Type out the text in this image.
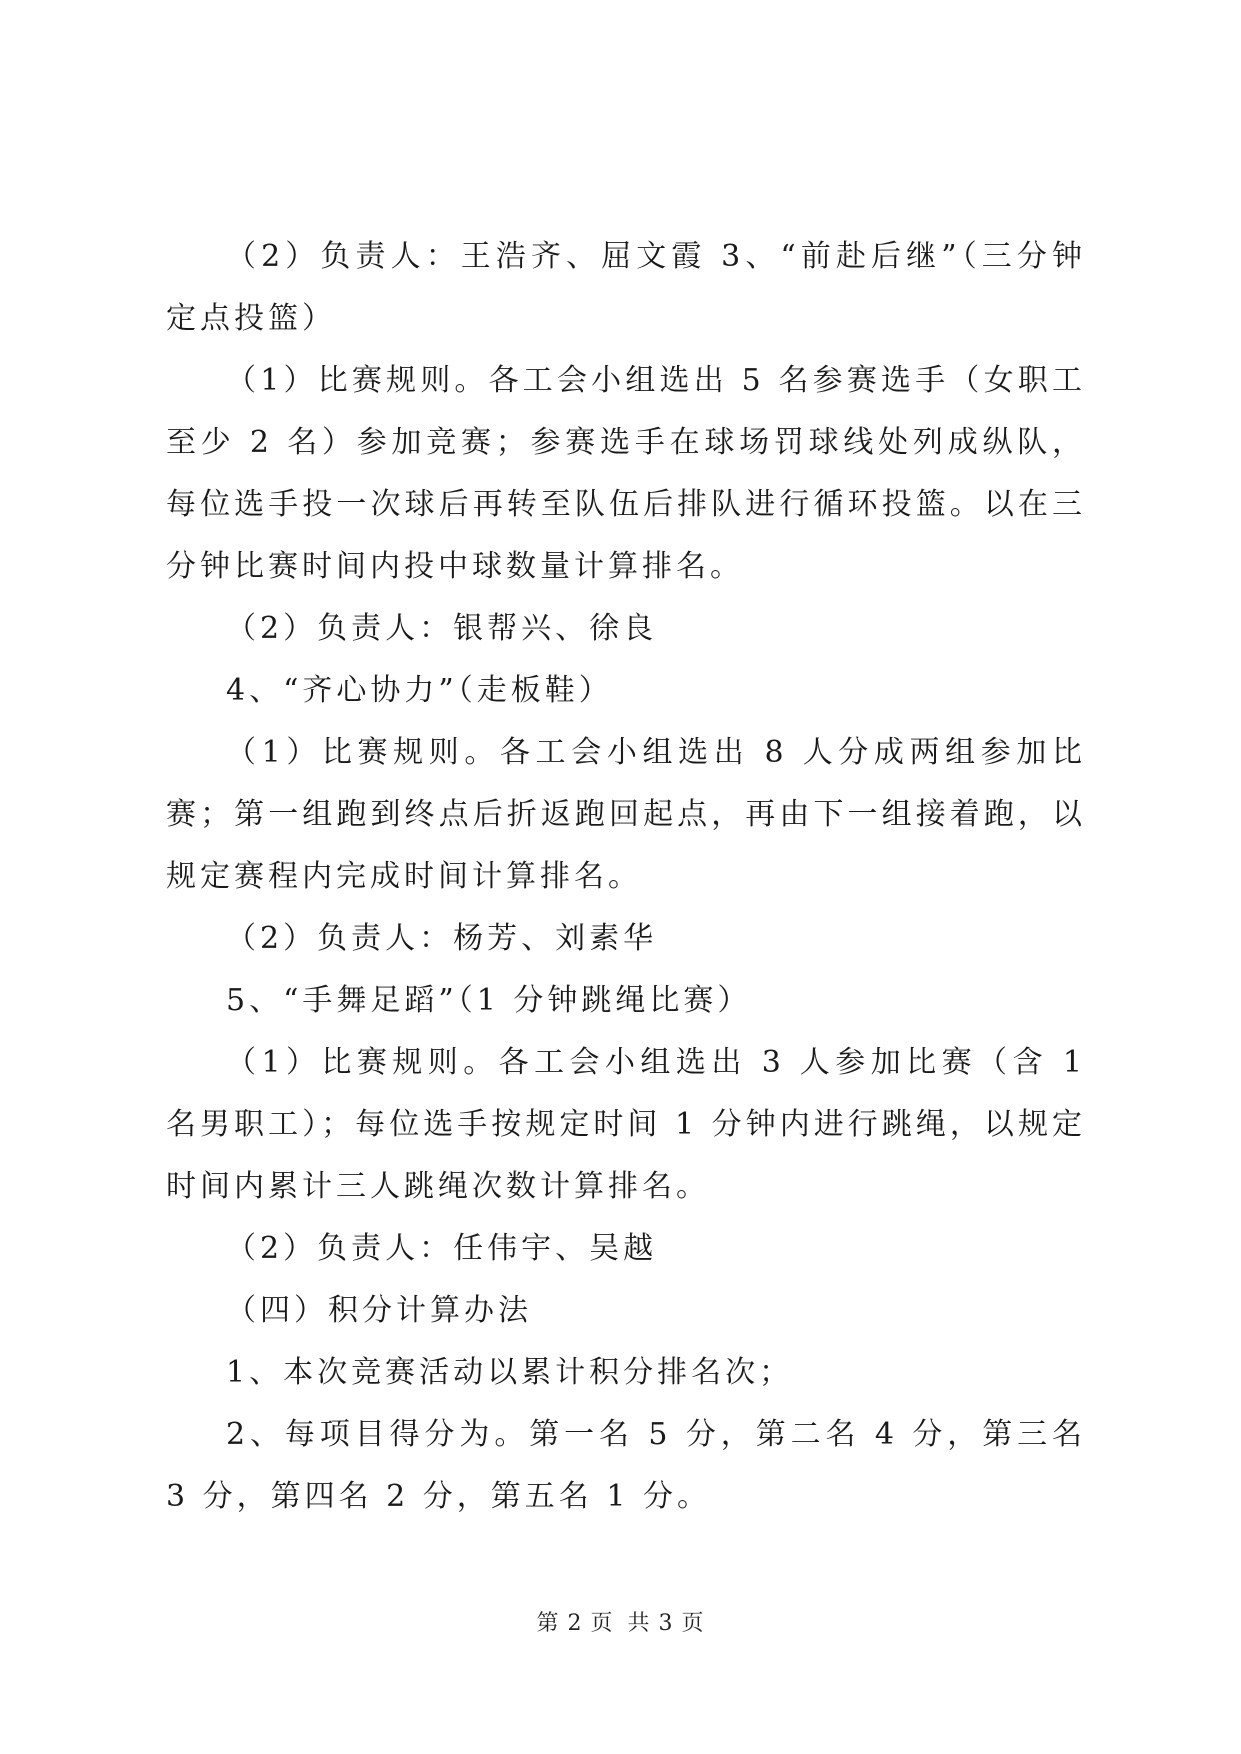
（2）负责人：王浩齐、屈文霞 3、“前赴后继”（三分钟定点投篮）

（1）比赛规则。各工会小组选出 5 名参赛选手（女职工至少 2 名）参加竞赛；参赛选手在球场罚球线处列成纵队，每位选手投一次球后再转至队伍后排队进行循环投篮。以在三分钟比赛时间内投中球数量计算排名。

（2）负责人：银帮兴、徐良

4、“齐心协力”（走板鞋）

（1）比赛规则。各工会小组选出 8 人分成两组参加比赛；第一组跑到终点后折返跑回起点，再由下一组接着跑，以规定赛程内完成时间计算排名。

（2）负责人：杨芳、刘素华

5、“手舞足蹈”（1 分钟跳绳比赛）

（1）比赛规则。各工会小组选出 3 人参加比赛（含 1 名男职工）；每位选手按规定时间 1 分钟内进行跳绳，以规定时间内累计三人跳绳次数计算排名。

（2）负责人：任伟宇、吴越

（四）积分计算办法

1、本次竞赛活动以累计积分排名次；

2、每项目得分为。第一名 5 分，第二名 4 分，第三名 3 分，第四名 2 分，第五名 1 分。

第 2 页 共 3 页
